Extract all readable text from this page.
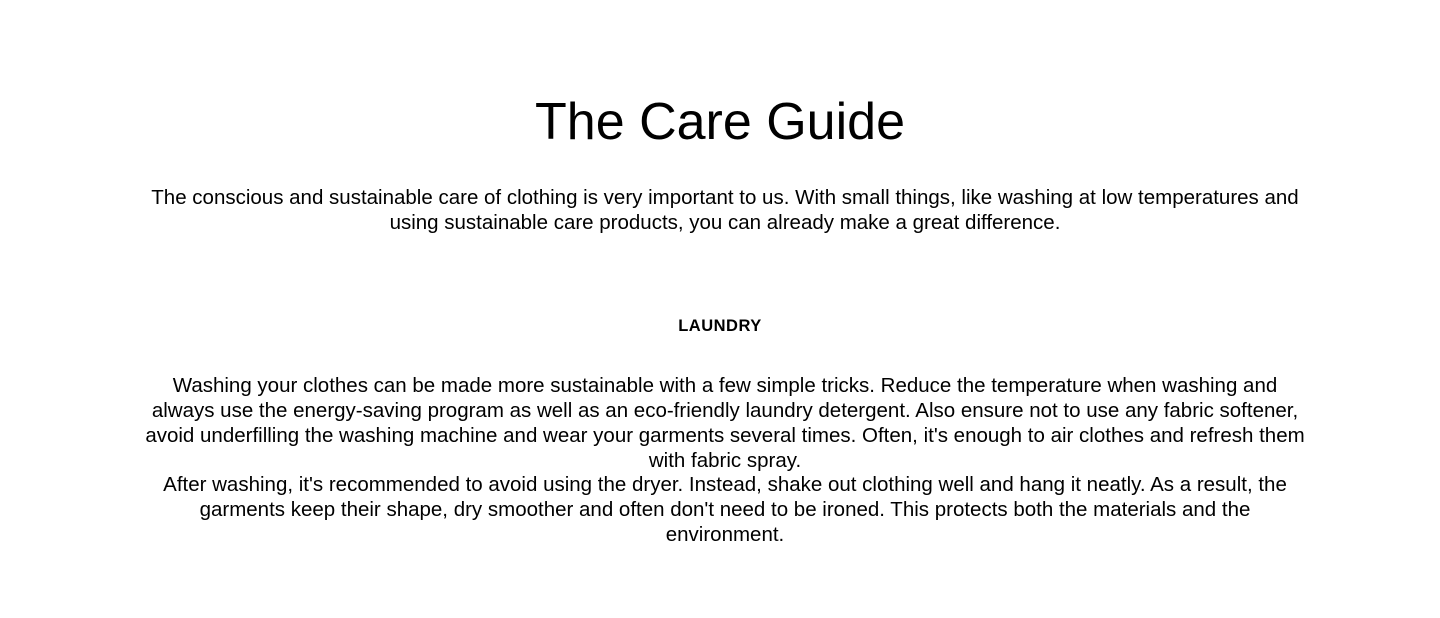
The Care Guide

The conscious and sustainable care of clothing is very important to us. With small things, like washing at low temperatures and using sustainable care products, you can already make a great difference.

LAUNDRY

Washing your clothes can be made more sustainable with a few simple tricks. Reduce the temperature when washing and always use the energy-saving program as well as an eco-friendly laundry detergent. Also ensure not to use any fabric softener, avoid underfilling the washing machine and wear your garments several times. Often, it's enough to air clothes and refresh them with fabric spray.

After washing, it's recommended to avoid using the dryer. Instead, shake out clothing well and hang it neatly. As a result, the garments keep their shape, dry smoother and often don't need to be ironed. This protects both the materials and the environment.
